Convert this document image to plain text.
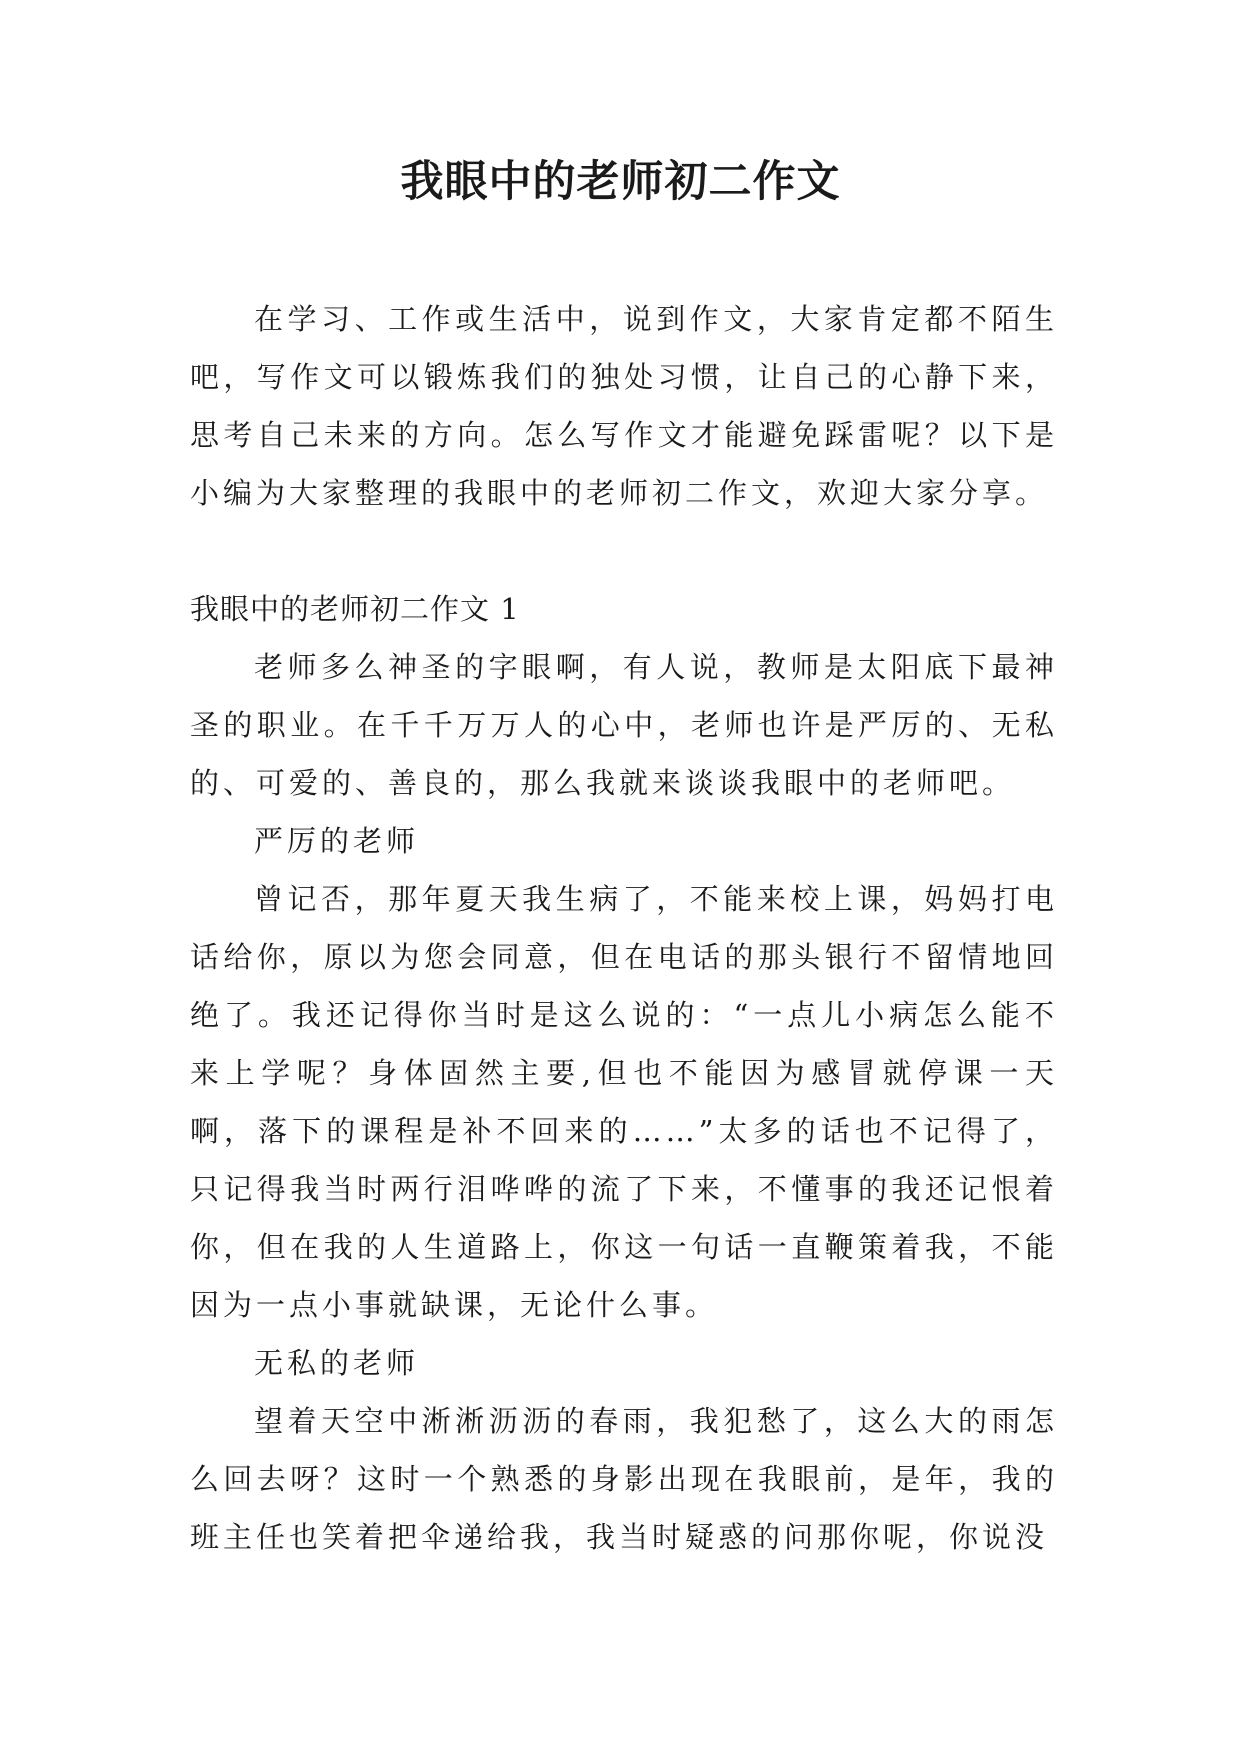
我眼中的老师初二作文

在学习、工作或生活中，说到作文，大家肯定都不陌生吧，写作文可以锻炼我们的独处习惯，让自己的心静下来，思考自己未来的方向。怎么写作文才能避免踩雷呢？以下是小编为大家整理的我眼中的老师初二作文，欢迎大家分享。

我眼中的老师初二作文 1

老师多么神圣的字眼啊，有人说，教师是太阳底下最神圣的职业。在千千万万人的心中，老师也许是严厉的、无私的、可爱的、善良的，那么我就来谈谈我眼中的老师吧。

严厉的老师

曾记否，那年夏天我生病了，不能来校上课，妈妈打电话给你，原以为您会同意，但在电话的那头银行不留情地回绝了。我还记得你当时是这么说的：“一点儿小病怎么能不来上学呢？身体固然主要,但也不能因为感冒就停课一天啊，落下的课程是补不回来的……”太多的话也不记得了，只记得我当时两行泪哗哗的流了下来，不懂事的我还记恨着你，但在我的人生道路上，你这一句话一直鞭策着我，不能因为一点小事就缺课，无论什么事。

无私的老师

望着天空中淅淅沥沥的春雨，我犯愁了，这么大的雨怎么回去呀？这时一个熟悉的身影出现在我眼前，是年，我的班主任也笑着把伞递给我，我当时疑惑的问那你呢，你说没
